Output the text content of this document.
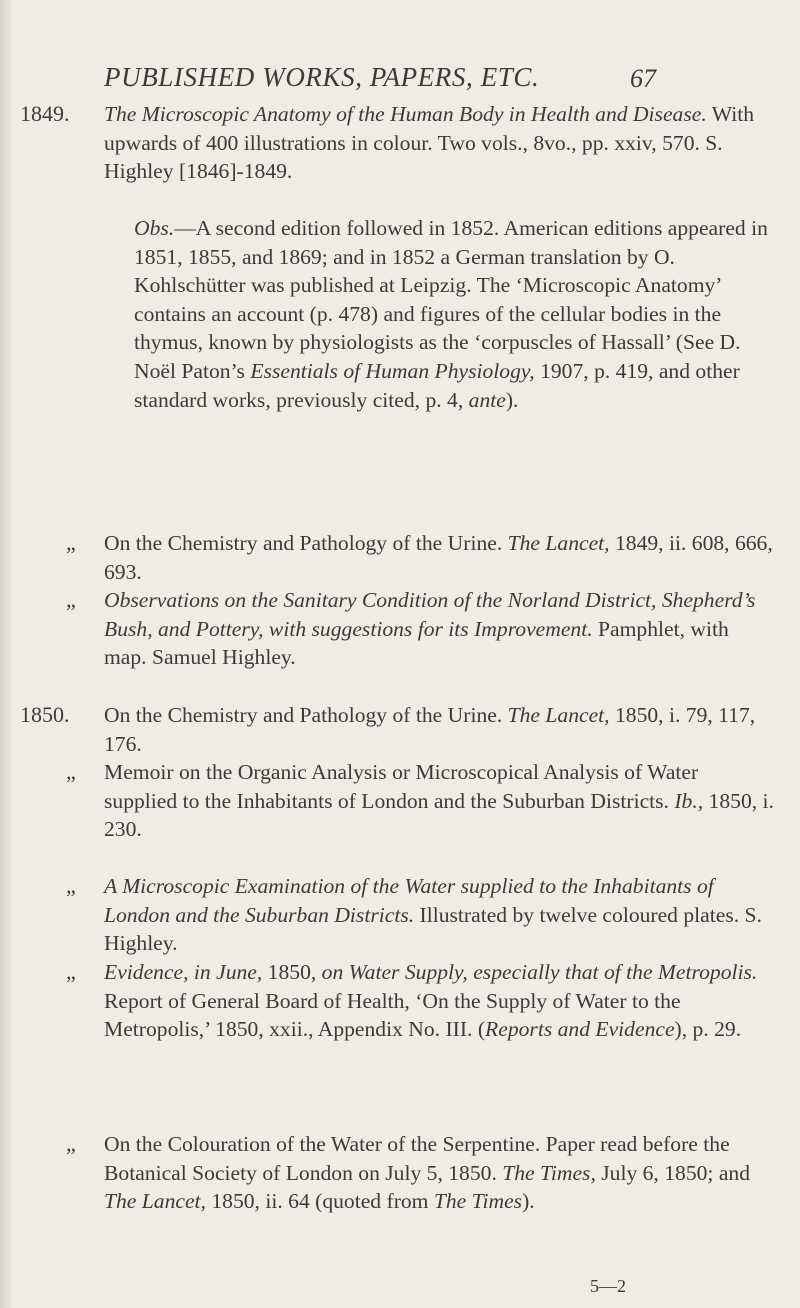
PUBLISHED WORKS, PAPERS, ETC.	67
1849.	The Microscopic Anatomy of the Human Body in Health and Disease. With upwards of 400 illustrations in colour. Two vols., 8vo., pp. xxiv, 570. S. Highley [1846]-1849.
Obs.—A second edition followed in 1852. American editions appeared in 1851, 1855, and 1869; and in 1852 a German translation by O. Kohlschütter was published at Leipzig. The ‘Microscopic Anatomy’ contains an account (p. 478) and figures of the cellular bodies in the thymus, known by physiologists as the ‘corpuscles of Hassall’ (See D. Noël Paton’s Essentials of Human Physiology, 1907, p. 419, and other standard works, previously cited, p. 4, ante).
„	On the Chemistry and Pathology of the Urine. The Lancet, 1849, ii. 608, 666, 693.
„	Observations on the Sanitary Condition of the Norland District, Shepherd’s Bush, and Pottery, with suggestions for its Improvement. Pamphlet, with map. Samuel Highley.
1850.	On the Chemistry and Pathology of the Urine. The Lancet, 1850, i. 79, 117, 176.
„	Memoir on the Organic Analysis or Microscopical Analysis of Water supplied to the Inhabitants of London and the Suburban Districts. Ib., 1850, i. 230.
„	A Microscopic Examination of the Water supplied to the Inhabitants of London and the Suburban Districts. Illustrated by twelve coloured plates. S. Highley.
„	Evidence, in June, 1850, on Water Supply, especially that of the Metropolis. Report of General Board of Health, ‘On the Supply of Water to the Metropolis,’ 1850, xxii., Appendix No. III. (Reports and Evidence), p. 29.
„	On the Colouration of the Water of the Serpentine. Paper read before the Botanical Society of London on July 5, 1850. The Times, July 6, 1850; and The Lancet, 1850, ii. 64 (quoted from The Times).
5—2
